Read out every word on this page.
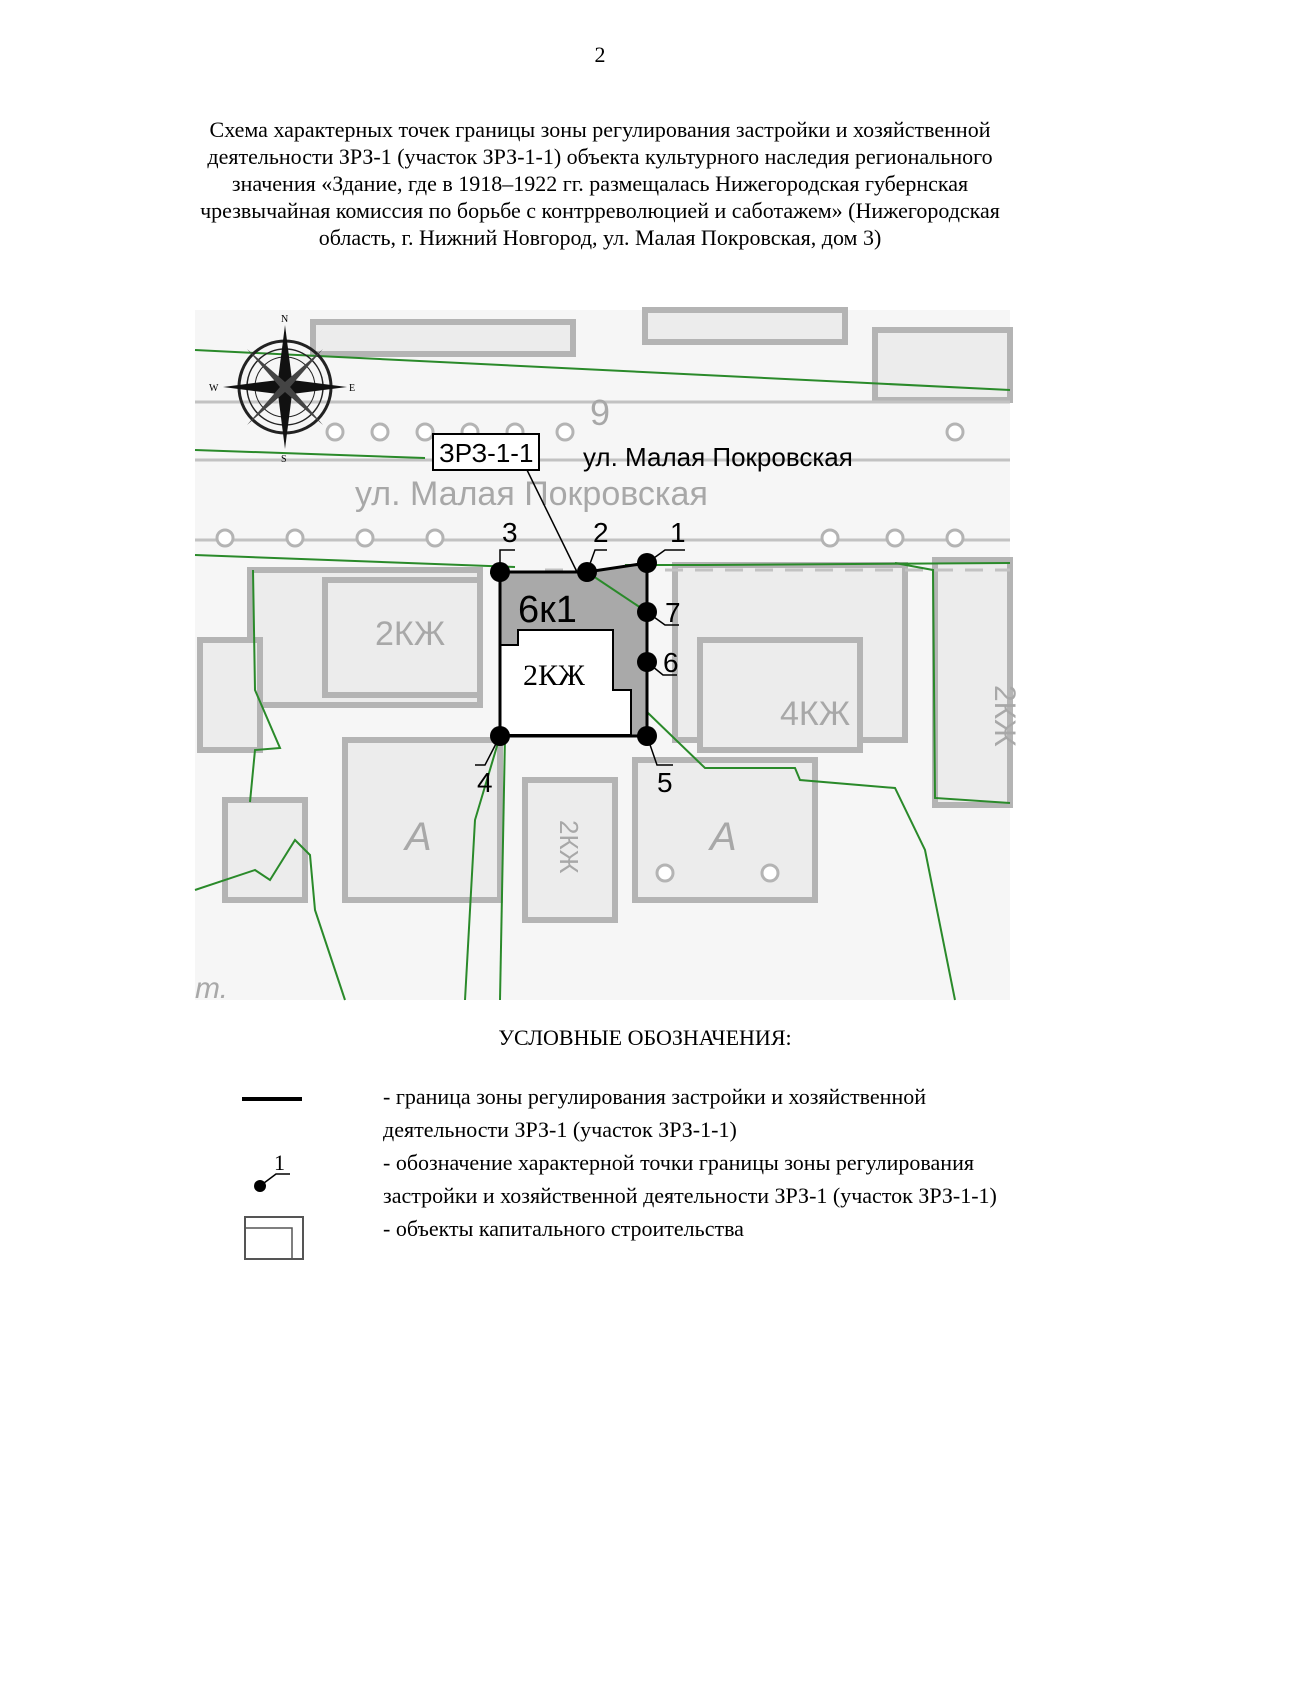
2
Схема характерных точек границы зоны регулирования застройки и хозяйственной
деятельности ЗРЗ-1 (участок ЗРЗ-1-1) объекта культурного наследия регионального
значения «Здание, где в 1918–1922 гг. размещалась Нижегородская губернская
чрезвычайная комиссия по борьбе с контрреволюцией и саботажем» (Нижегородская
область, г. Нижний Новгород, ул. Малая Покровская, дом 3)
ул. Малая Покровская
9
2КЖ
4КЖ	2КЖ
2КЖ
А	А
т.
6к1
2КЖ
ЗРЗ-1-1 ул. Малая Покровская
N
S
E
W
1
2
3
4	5
6
7
УСЛОВНЫЕ ОБОЗНАЧЕНИЯ:
- граница зоны регулирования застройки и хозяйственной
деятельности ЗРЗ-1 (участок ЗРЗ-1-1)
1	- обозначение характерной точки границы зоны регулирования
застройки и хозяйственной деятельности ЗРЗ-1 (участок ЗРЗ-1-1)
- объекты капитального строительства
